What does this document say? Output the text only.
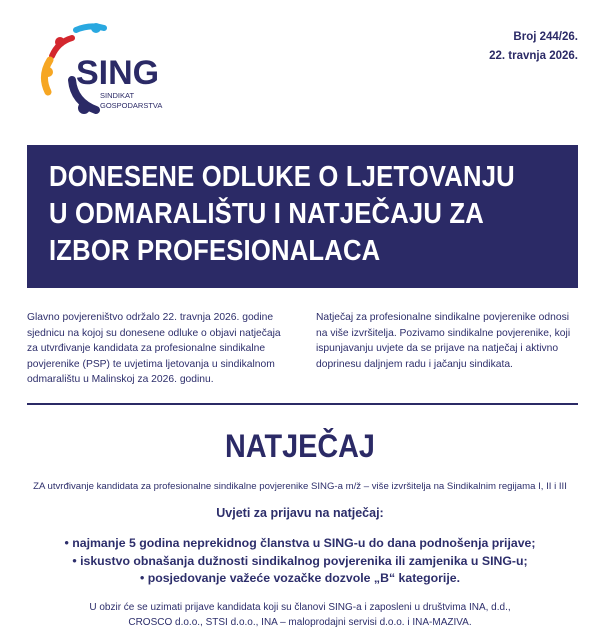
SING
SINDIKAT
GOSPODARSTVA
Broj 244/26.
22. travnja 2026.
DONESENE ODLUKE O LJETOVANJU
U ODMARALIŠTU I NATJEČAJU ZA
IZBOR PROFESIONALACA
Glavno povjereništvo održalo 22. travnja 2026. godine sjednicu na kojoj su donesene odluke o objavi natječaja za utvrđivanje kandidata za profesionalne sindikalne povjerenike (PSP) te uvjetima ljetovanja u sindikalnom odmaralištu u Malinskoj za 2026. godinu.
Natječaj za profesionalne sindikalne povjerenike odnosi na više izvršitelja. Pozivamo sindikalne povjerenike, koji ispunjavanju uvjete da se prijave na natječaj i aktivno doprinesu daljnjem radu i jačanju sindikata.
NATJEČAJ
ZA utvrđivanje kandidata za profesionalne sindikalne povjerenike SING-a m/ž – više izvršitelja na Sindikalnim regijama I, II i III
Uvjeti za prijavu na natječaj:
• najmanje 5 godina neprekidnog članstva u SING-u do dana podnošenja prijave;
• iskustvo obnašanja dužnosti sindikalnog povjerenika ili zamjenika u SING-u;
• posjedovanje važeće vozačke dozvole „B“ kategorije.
U obzir će se uzimati prijave kandidata koji su članovi SING-a i zaposleni u društvima INA, d.d.,
CROSCO d.o.o., STSI d.o.o., INA – maloprodajni servisi d.o.o. i INA-MAZIVA.
